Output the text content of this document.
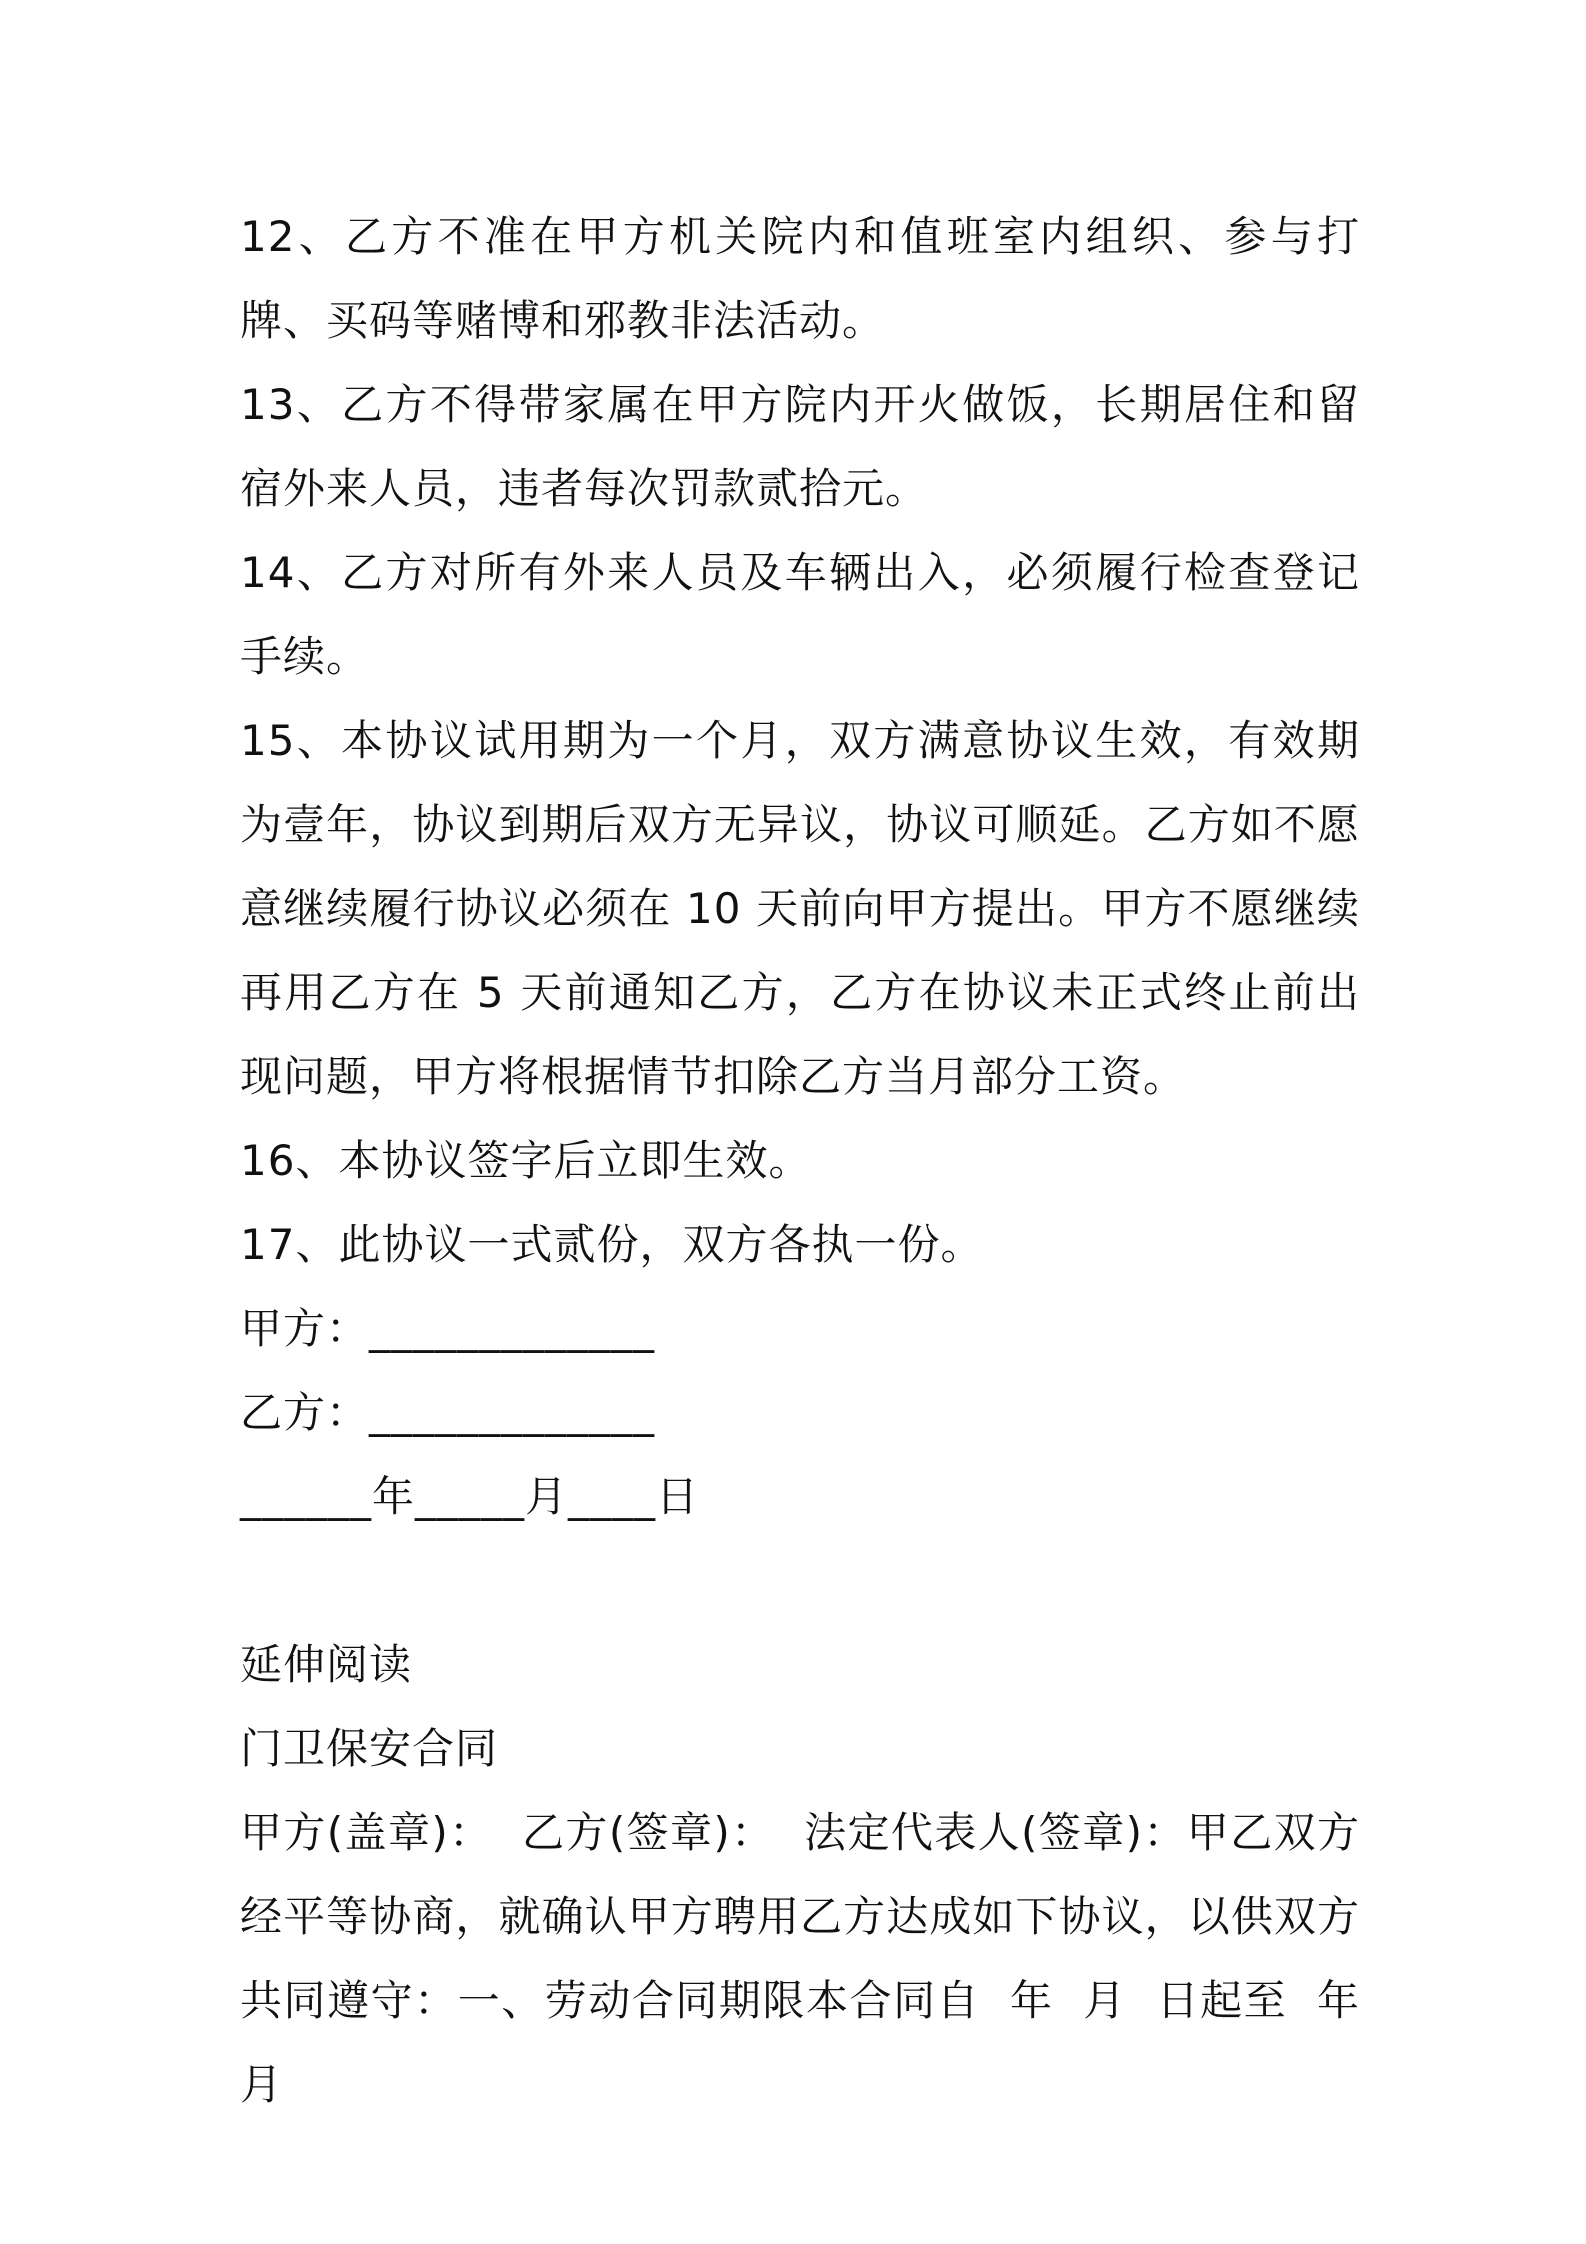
12、乙方不准在甲方机关院内和值班室内组织、参与打牌、买码等赌博和邪教非法活动。

13、乙方不得带家属在甲方院内开火做饭，长期居住和留宿外来人员，违者每次罚款贰拾元。

14、乙方对所有外来人员及车辆出入，必须履行检查登记手续。

15、本协议试用期为一个月，双方满意协议生效，有效期为壹年，协议到期后双方无异议，协议可顺延。乙方如不愿意继续履行协议必须在 10 天前向甲方提出。甲方不愿继续再用乙方在 5 天前通知乙方，乙方在协议未正式终止前出现问题，甲方将根据情节扣除乙方当月部分工资。

16、本协议签字后立即生效。

17、此协议一式贰份，双方各执一份。

甲方：_____________

乙方：_____________

______年_____月____日

延伸阅读

门卫保安合同

甲方(盖章)：  乙方(签章)：  法定代表人(签章)：甲乙双方经平等协商，就确认甲方聘用乙方达成如下协议，以供双方共同遵守：一、劳动合同期限本合同自  年  月  日起至  年  月
